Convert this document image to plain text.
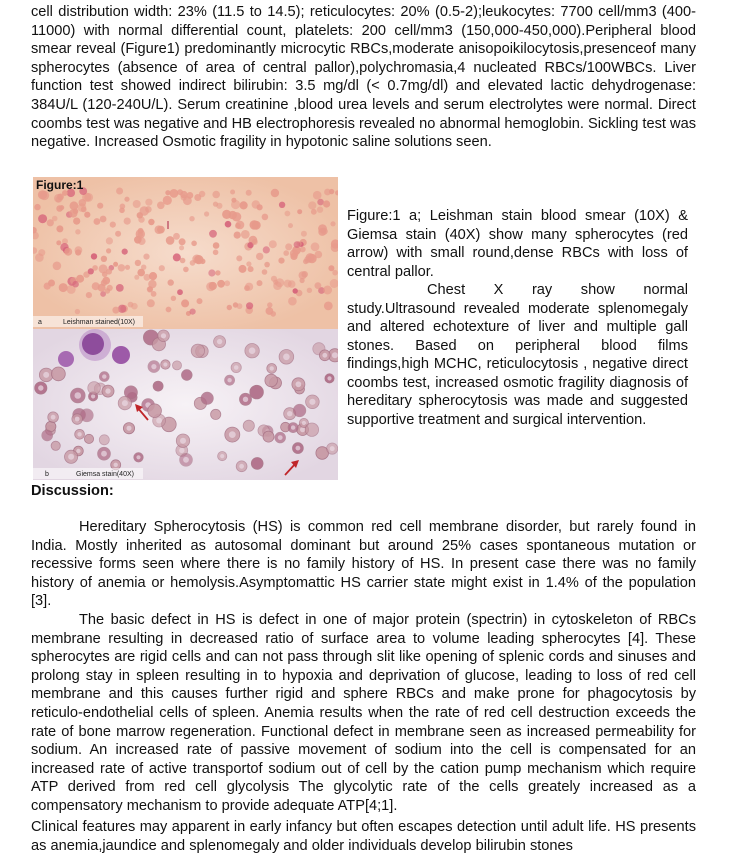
cell distribution width: 23% (11.5 to 14.5); reticulocytes: 20% (0.5-2);leukocytes: 7700 cell/mm3 (400-11000) with normal differential count, platelets: 200 cell/mm3 (150,000-450,000).Peripheral blood smear reveal (Figure1) predominantly microcytic RBCs,moderate anisopoikilocytosis,presenceof many spherocytes (absence of area of central pallor),polychromasia,4 nucleated RBCs/100WBCs. Liver function test showed indirect bilirubin: 3.5 mg/dl (< 0.7mg/dl) and elevated lactic dehydrogenase: 384U/L (120-240U/L). Serum creatinine ,blood urea levels and serum electrolytes were normal. Direct coombs test was negative and HB electrophoresis revealed no abnormal hemoglobin. Sickling test was negative. Increased Osmotic fragility in hypotonic saline solutions seen.

a	Leishman stained(10X)
b	Giemsa stain(40X)
Figure:1
Figure:1 a; Leishman stain blood smear (10X) & Giemsa stain (40X) show many spherocytes (red arrow) with small round,dense RBCs with loss of central pallor.
Chest X ray show normal study.Ultrasound revealed moderate splenomegaly and altered echotexture of liver and multiple gall stones. Based on peripheral blood films findings,high MCHC, reticulocytosis , negative direct coombs test, increased osmotic fragility diagnosis of hereditary spherocytosis was made and suggested supportive treatment and surgical intervention.

Discussion:

Hereditary Spherocytosis (HS) is common red cell membrane disorder, but rarely found in India. Mostly inherited as autosomal dominant but around 25% cases spontaneous mutation or recessive forms seen where there is no family history of HS. In present case there was no family history of anemia or hemolysis.Asymptomattic HS carrier state might exist in 1.4% of the population [3].

The basic defect in HS is defect in one of major protein (spectrin) in cytoskeleton of RBCs membrane resulting in decreased ratio of surface area to volume leading spherocytes [4]. These spherocytes are rigid cells and can not pass through slit like opening of splenic cords and sinuses and prolong stay in spleen resulting in to hypoxia and deprivation of glucose, leading to loss of red cell membrane and this causes further rigid and sphere RBCs and make prone for phagocytosis by reticulo-endothelial cells of spleen. Anemia results when the rate of red cell destruction exceeds the rate of bone marrow regeneration. Functional defect in membrane seen as increased permeability for sodium. An increased rate of passive movement of sodium into the cell is compensated for an increased rate of active transportof sodium out of cell by the cation pump mechanism which require ATP derived from red cell glycolysis The glycolytic rate of the cells greately increased as a compensatory mechanism to provide adequate ATP[4;1].

Clinical features may apparent in early infancy but often escapes detection until adult life. HS presents as anemia,jaundice and splenomegaly and older individuals develop bilirubin stones
